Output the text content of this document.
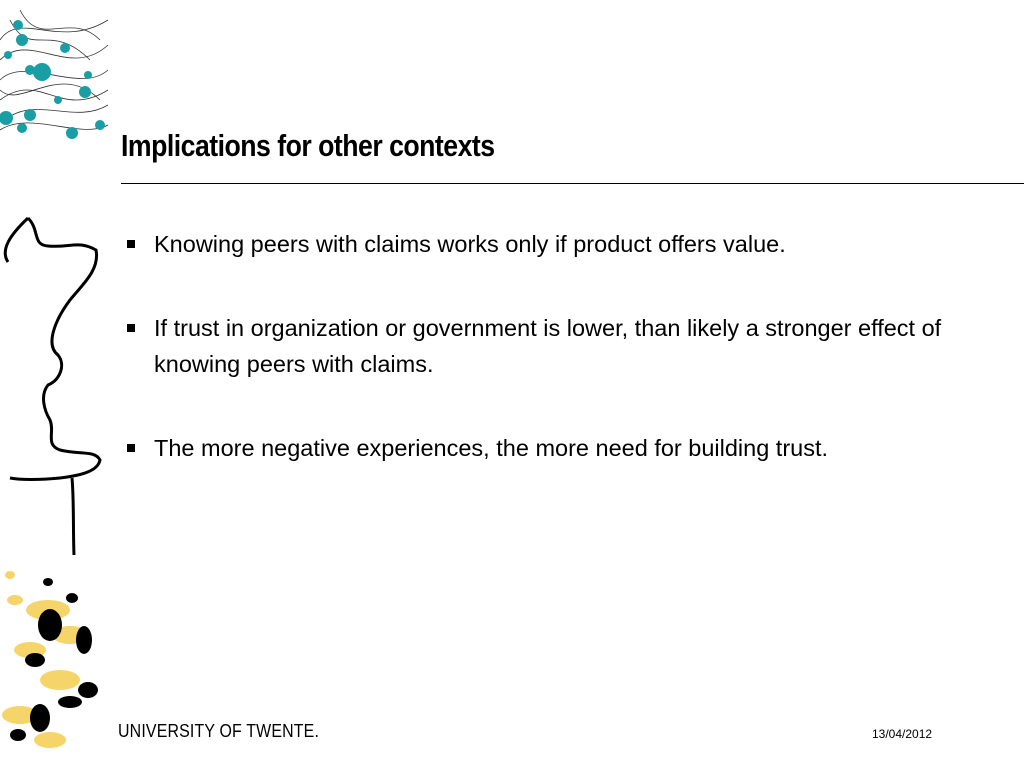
Implications for other contexts
Knowing peers with claims works only if product offers value.
If trust in organization or government is lower, than likely a stronger effect of knowing peers with claims.
The more negative experiences, the more need for building trust.
UNIVERSITY OF TWENTE.	13/04/2012
